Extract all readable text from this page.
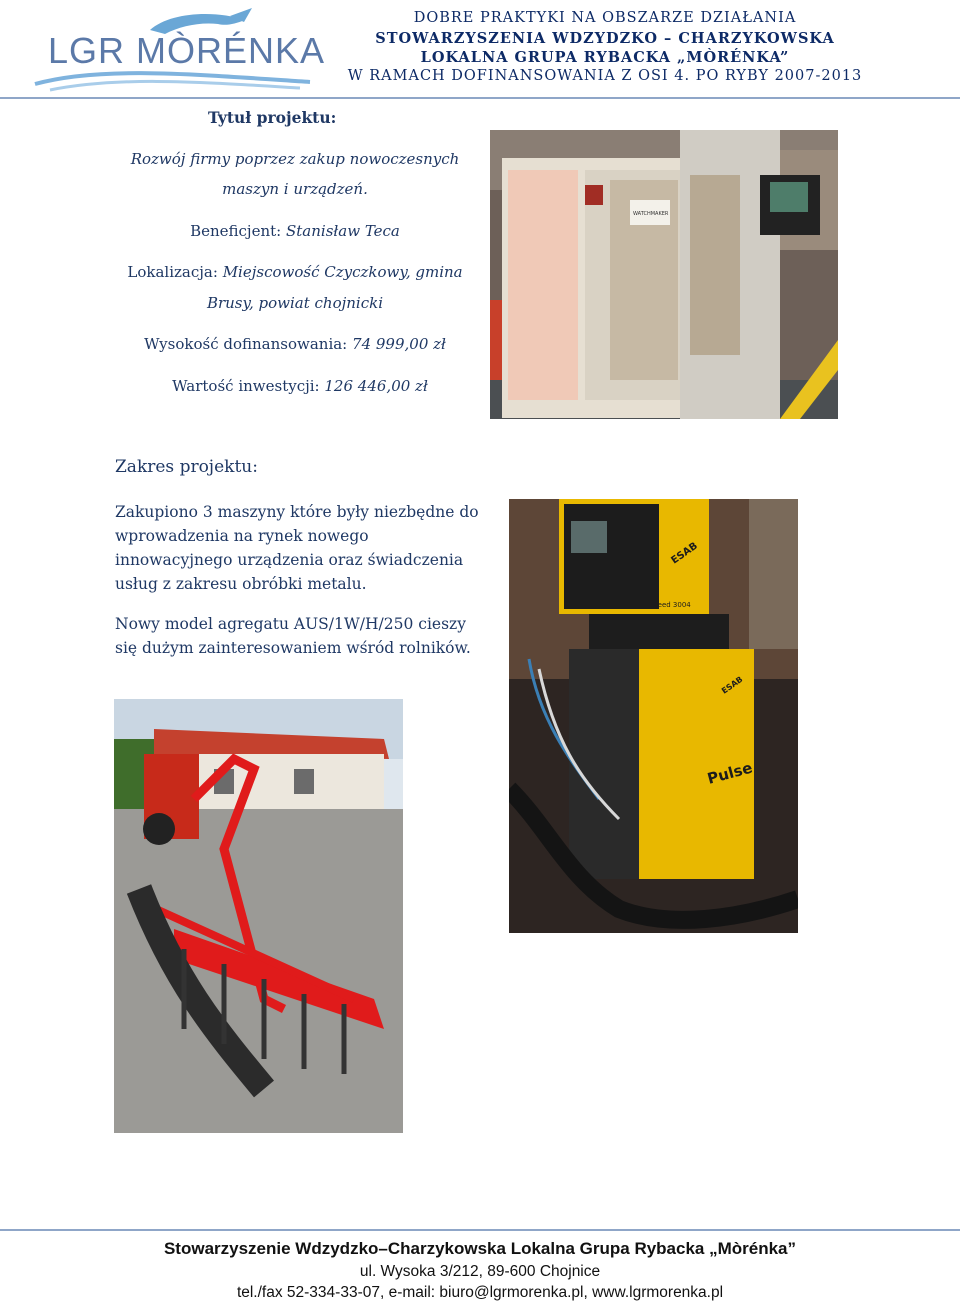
LGR MÒRÉNKA
DOBRE PRAKTYKI NA OBSZARZE DZIAŁANIA
STOWARZYSZENIA WDZYDZKO – CHARZYKOWSKA
LOKALNA GRUPA RYBACKA „MÒRÉNKA”
W RAMACH DOFINANSOWANIA Z OSI 4. PO RYBY 2007-2013
Tytuł projektu:
Rozwój firmy poprzez zakup nowoczesnych
maszyn i urządzeń.
Beneficjent: Stanisław Teca
Lokalizacja: Miejscowość Czyczkowy, gmina
Brusy, powiat chojnicki
Wysokość dofinansowania: 74 999,00 zł
Wartość inwestycji: 126 446,00 zł
Zakres projektu:
Zakupiono 3 maszyny które były niezbędne do wprowadzenia na rynek nowego innowacyjnego urządzenia oraz świadczenia usług z zakresu obróbki metalu.
Nowy model agregatu AUS/1W/H/250 cieszy się dużym zainteresowaniem wśród rolników.
WATCHMAKER
Feed 3004
ESAB
Pulse
ESAB
Stowarzyszenie Wdzydzko–Charzykowska Lokalna Grupa Rybacka „Mòrénka”
ul. Wysoka 3/212, 89-600 Chojnice
tel./fax 52-334-33-07, e-mail: biuro@lgrmorenka.pl, www.lgrmorenka.pl
